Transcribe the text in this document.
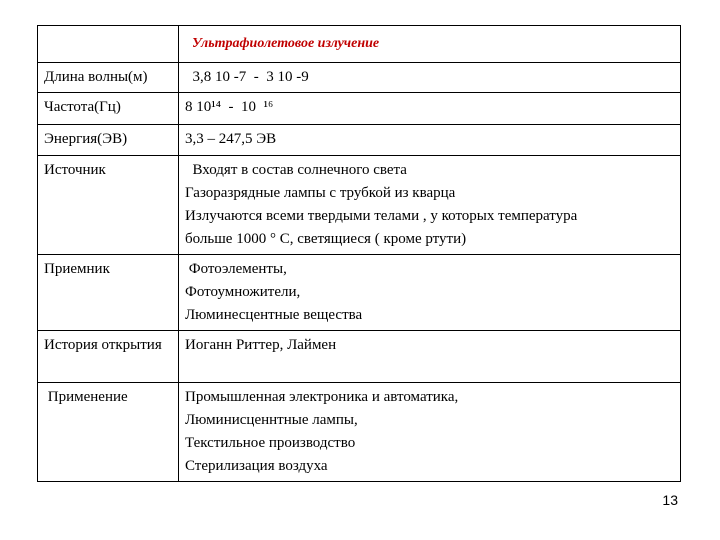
	Ультрафиолетовое излучение

Длина волны(м)	3,8 10 -7  -  3 10 -9

Частота(Гц)	8 10¹⁴  -  10  ¹⁶

Энергия(ЭВ)	3,3 – 247,5 ЭВ

Источник	Входят в состав солнечного света
Газоразрядные лампы с трубкой из кварца
Излучаются всеми твердыми телами , у которых температура
больше 1000 ° С, светящиеся ( кроме ртути)

Приемник	Фотоэлементы,
Фотоумножители,
Люминесцентные вещества

История открытия	Иоганн Риттер, Лаймен

Применение	Промышленная электроника и автоматика,
Люминисценнтные лампы,
Текстильное производство
Стерилизация воздуха
13
